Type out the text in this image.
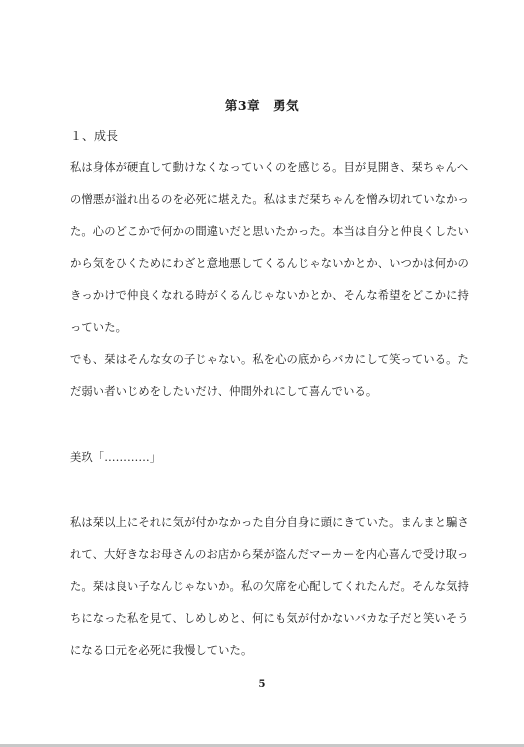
第3章　勇気
１、成長
私は身体が硬直して動けなくなっていくのを感じる。目が見開き、栞ちゃんへ
の憎悪が溢れ出るのを必死に堪えた。私はまだ栞ちゃんを憎み切れていなかっ
た。心のどこかで何かの間違いだと思いたかった。本当は自分と仲良くしたい
から気をひくためにわざと意地悪してくるんじゃないかとか、いつかは何かの
きっかけで仲良くなれる時がくるんじゃないかとか、そんな希望をどこかに持
っていた。
でも、栞はそんな女の子じゃない。私を心の底からバカにして笑っている。た
だ弱い者いじめをしたいだけ、仲間外れにして喜んでいる。
美玖「…………」
私は栞以上にそれに気が付かなかった自分自身に頭にきていた。まんまと騙さ
れて、大好きなお母さんのお店から栞が盗んだマーカーを内心喜んで受け取っ
た。栞は良い子なんじゃないか。私の欠席を心配してくれたんだ。そんな気持
ちになった私を見て、しめしめと、何にも気が付かないバカな子だと笑いそう
になる口元を必死に我慢していた。
5
